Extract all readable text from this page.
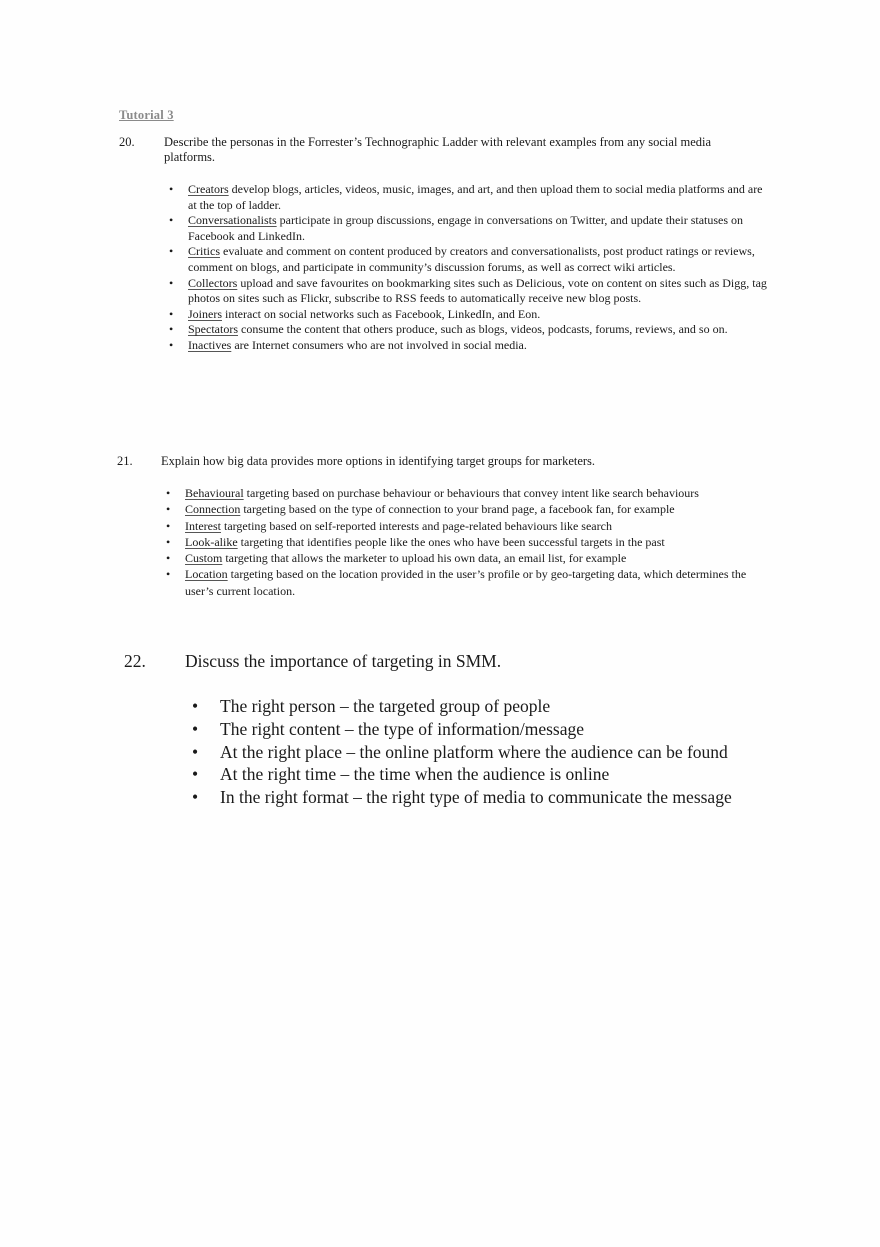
Tutorial 3
20. Describe the personas in the Forrester’s Technographic Ladder with relevant examples from any social media platforms.
• Creators develop blogs, articles, videos, music, images, and art, and then upload them to social media platforms and are at the top of ladder.
• Conversationalists participate in group discussions, engage in conversations on Twitter, and update their statuses on Facebook and LinkedIn.
• Critics evaluate and comment on content produced by creators and conversationalists, post product ratings or reviews, comment on blogs, and participate in community’s discussion forums, as well as correct wiki articles.
• Collectors upload and save favourites on bookmarking sites such as Delicious, vote on content on sites such as Digg, tag photos on sites such as Flickr, subscribe to RSS feeds to automatically receive new blog posts.
• Joiners interact on social networks such as Facebook, LinkedIn, and Eon.
• Spectators consume the content that others produce, such as blogs, videos, podcasts, forums, reviews, and so on.
• Inactives are Internet consumers who are not involved in social media.
21. Explain how big data provides more options in identifying target groups for marketers.
• Behavioural targeting based on purchase behaviour or behaviours that convey intent like search behaviours
• Connection targeting based on the type of connection to your brand page, a facebook fan, for example
• Interest targeting based on self-reported interests and page-related behaviours like search
• Look-alike targeting that identifies people like the ones who have been successful targets in the past
• Custom targeting that allows the marketer to upload his own data, an email list, for example
• Location targeting based on the location provided in the user’s profile or by geo-targeting data, which determines the user’s current location.
22. Discuss the importance of targeting in SMM.
• The right person – the targeted group of people
• The right content – the type of information/message
• At the right place – the online platform where the audience can be found
• At the right time – the time when the audience is online
• In the right format – the right type of media to communicate the message
